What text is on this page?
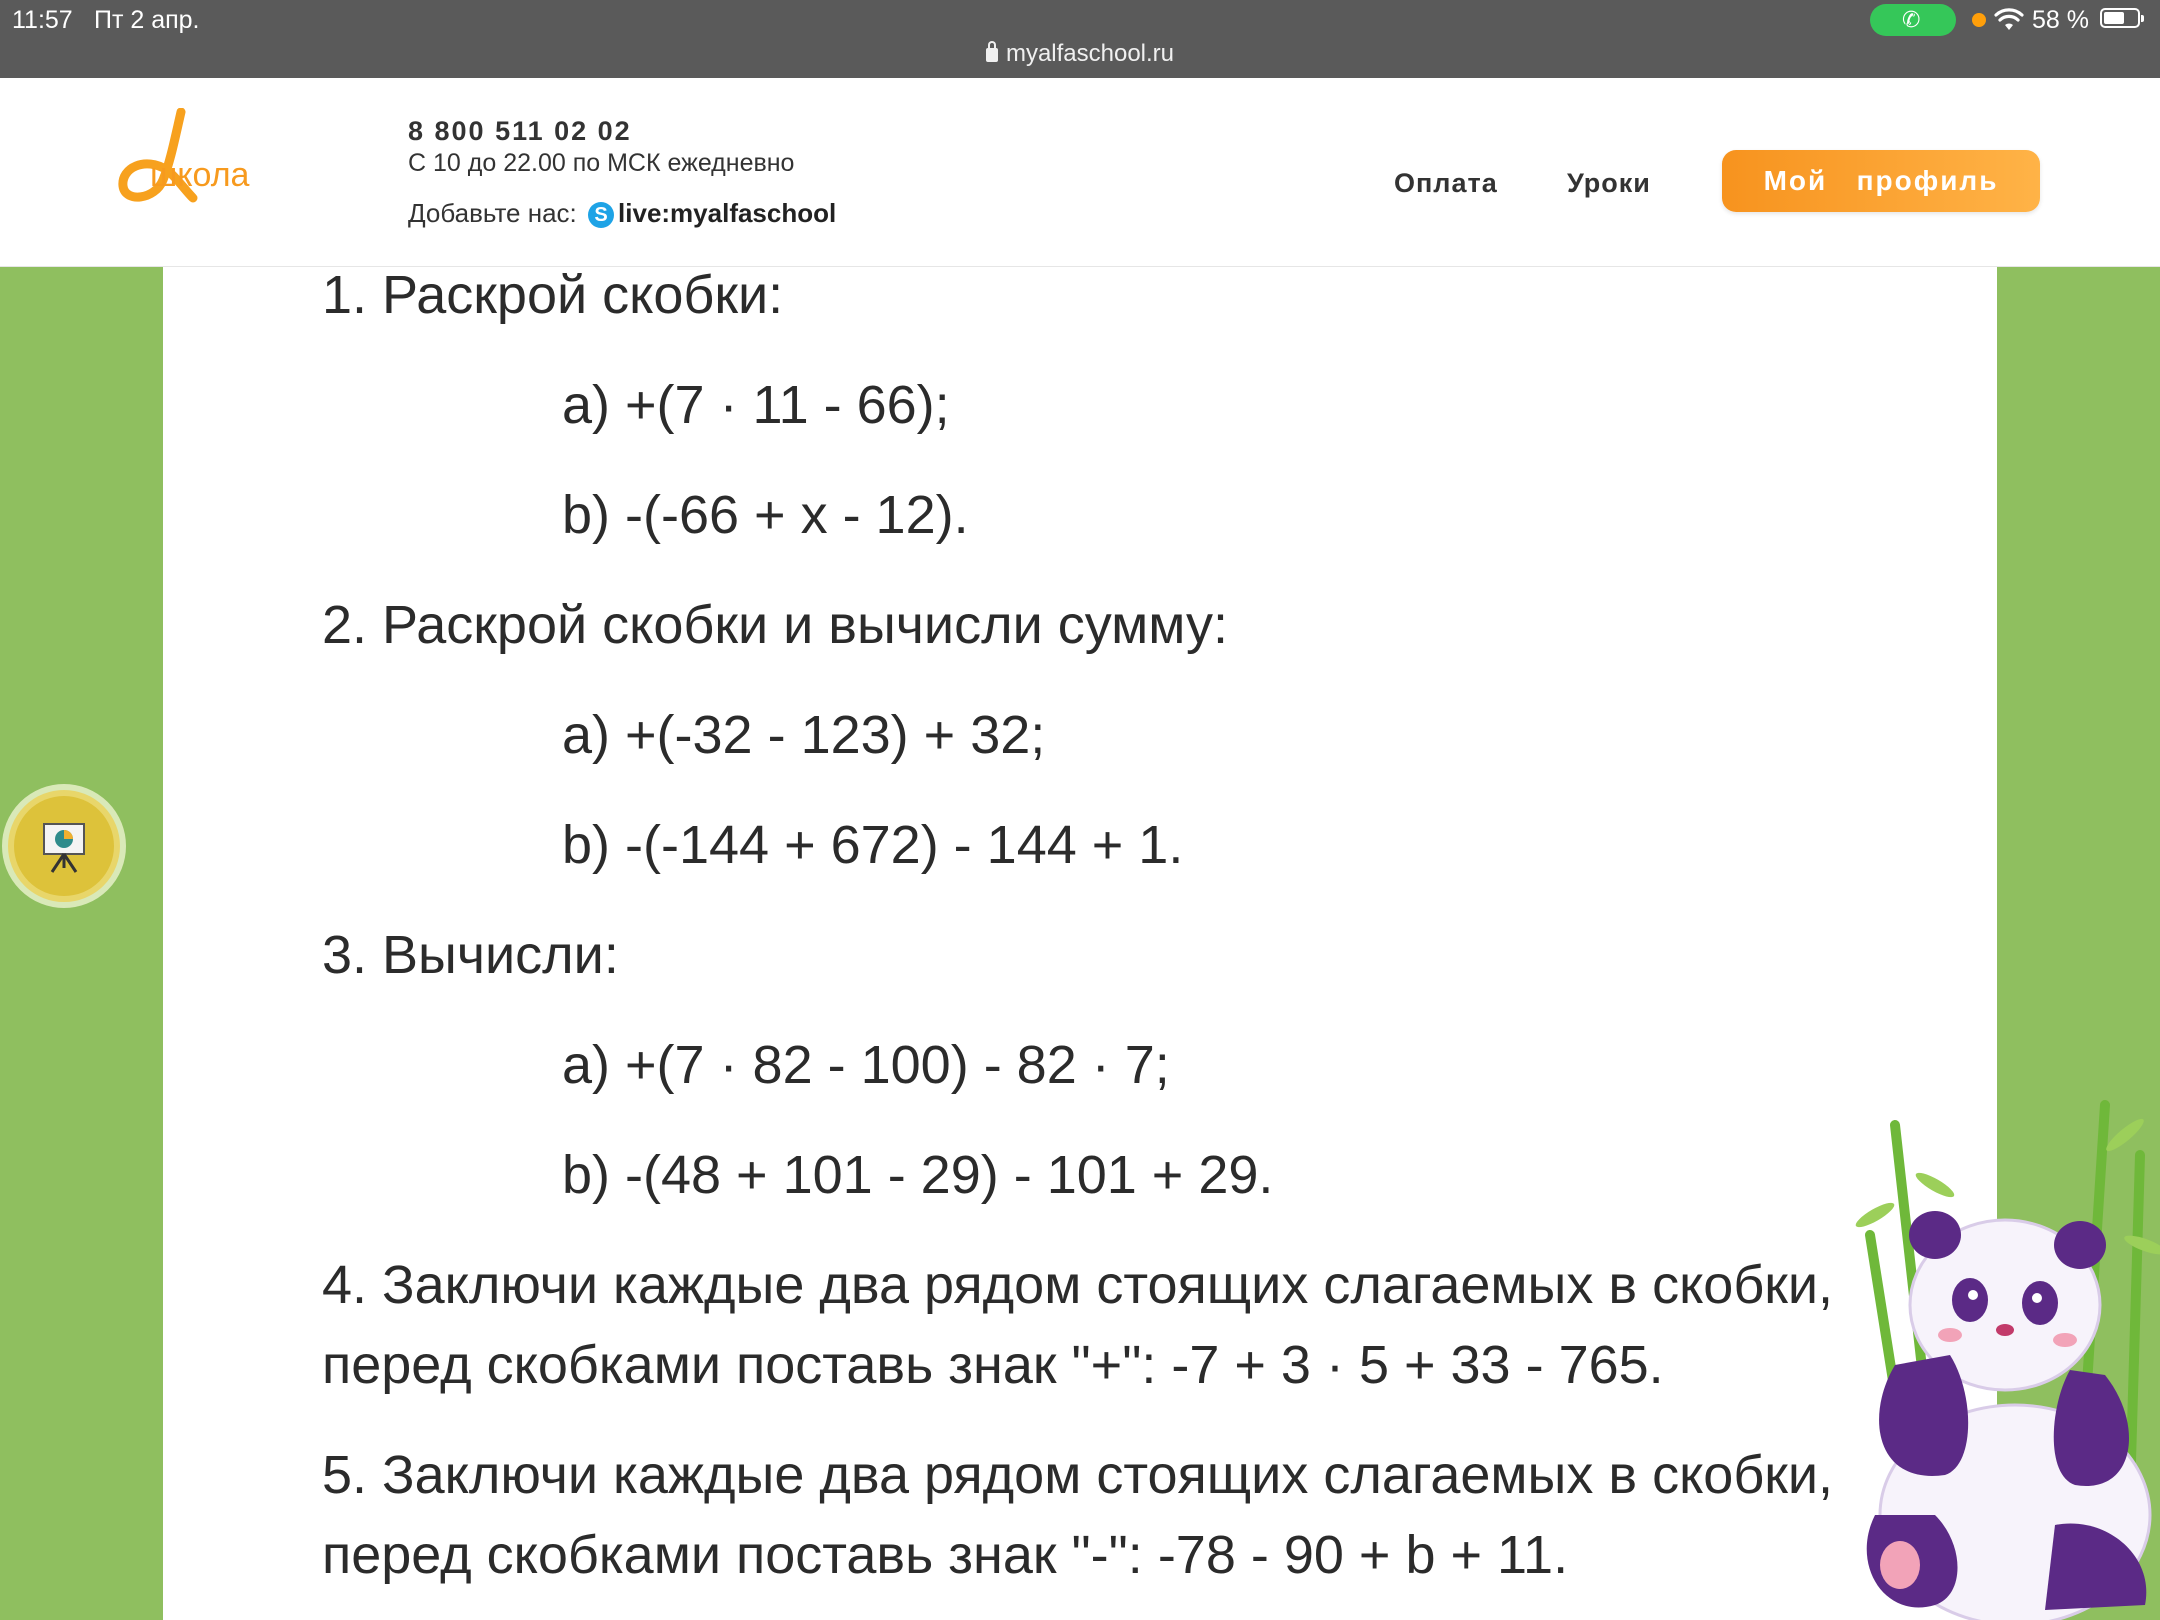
11:57 Пт 2 апр.
myalfaschool.ru
✆	58 %
школа
8 800 511 02 02
С 10 до 22.00 по МСК ежедневно
Добавьте нас: S live:myalfaschool
Оплата	Уроки	Мой   профиль
1. Раскрой скобки:
a) +(7 · 11 - 66);
b) -(-66 + x - 12).
2. Раскрой скобки и вычисли сумму:
a) +(-32 - 123) + 32;
b) -(-144 + 672) - 144 + 1.
3. Вычисли:
a) +(7 · 82 - 100) - 82 · 7;
b) -(48 + 101 - 29) - 101 + 29.
4. Заключи каждые два рядом стоящих слагаемых в скобки,
перед скобками поставь знак "+": -7 + 3 · 5 + 33 - 765.
5. Заключи каждые два рядом стоящих слагаемых в скобки,
перед скобками поставь знак "-": -78 - 90 + b + 11.
